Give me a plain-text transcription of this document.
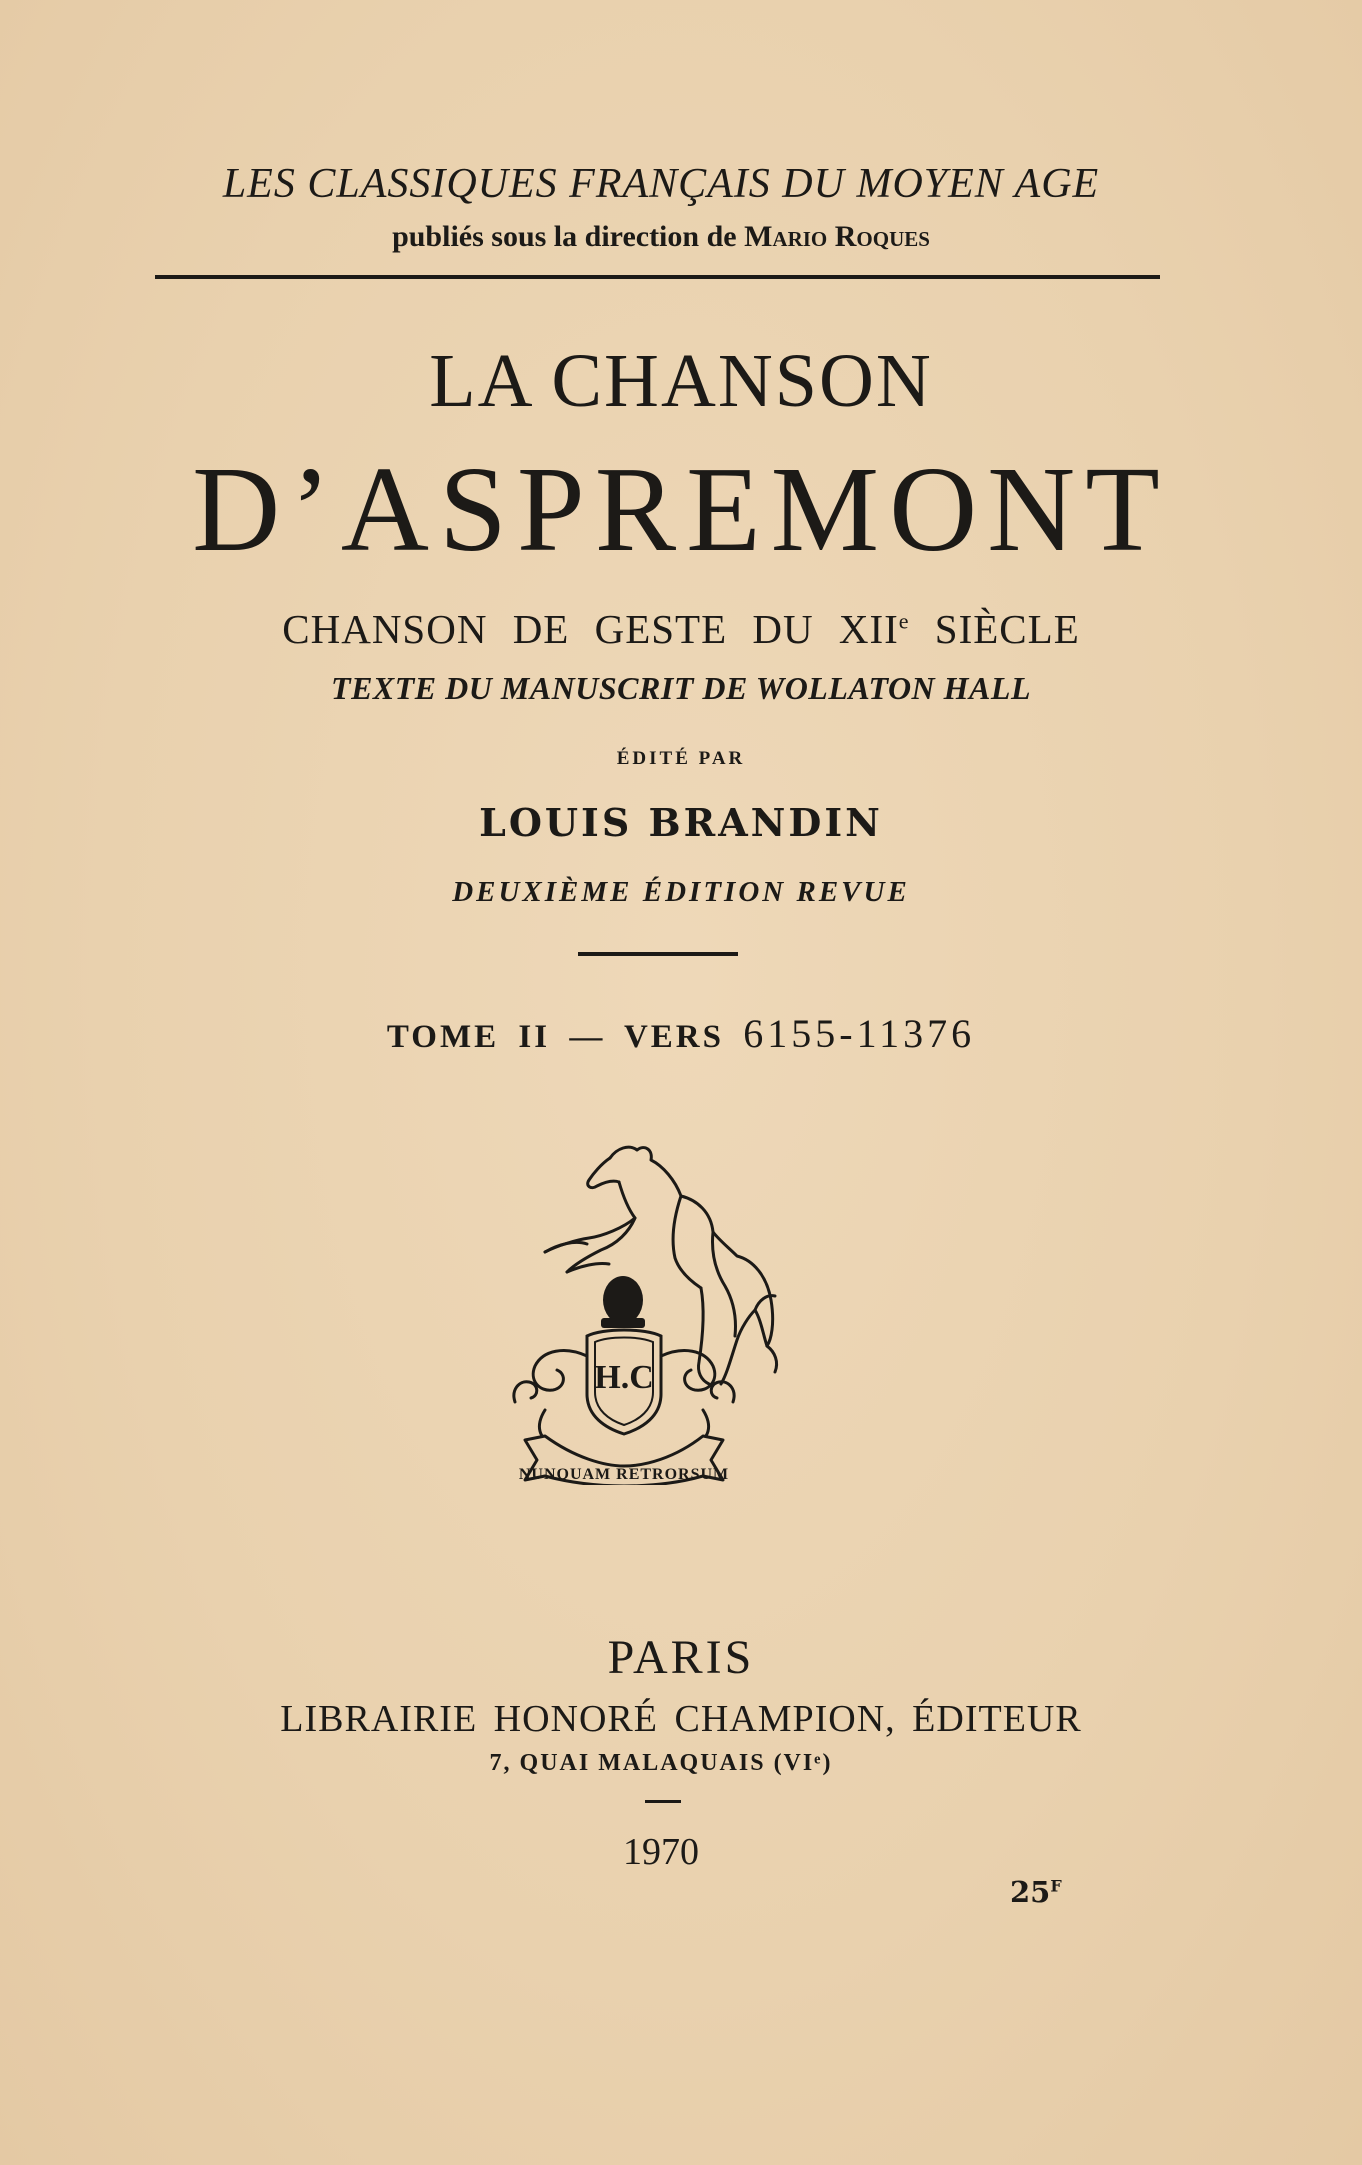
LES CLASSIQUES FRANÇAIS DU MOYEN AGE
publiés sous la direction de Mario Roques
LA CHANSON
D’ASPREMONT
CHANSON DE GESTE DU XIIe SIÈCLE
TEXTE DU MANUSCRIT DE WOLLATON HALL
ÉDITÉ PAR
LOUIS BRANDIN
DEUXIÈME ÉDITION REVUE
TOME II — VERS 6155-11376
H.C
NUNQUAM RETRORSUM
PARIS
LIBRAIRIE HONORÉ CHAMPION, ÉDITEUR
7, QUAI MALAQUAIS (VIᵉ)
1970
$25^F$
